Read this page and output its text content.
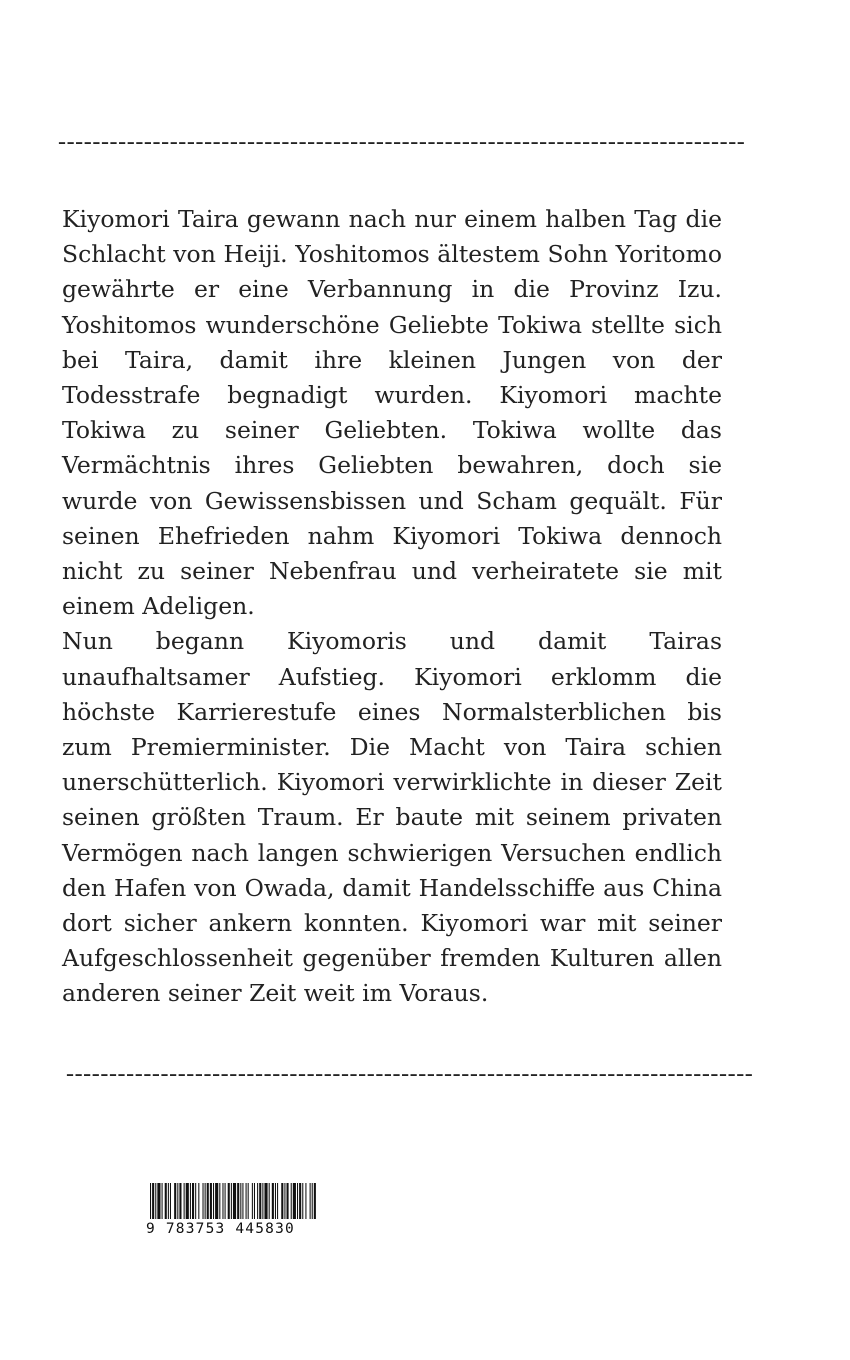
--------------------------------------------------------------------------------

Kiyomori Taira gewann nach nur einem halben Tag die Schlacht von Heiji. Yoshitomos ältestem Sohn Yoritomo gewährte er eine Verbannung in die Provinz Izu. Yoshitomos wunderschöne Geliebte Tokiwa stellte sich bei Taira, damit ihre kleinen Jungen von der Todesstrafe begnadigt wurden. Kiyomori machte Tokiwa zu seiner Geliebten. Tokiwa wollte das Vermächtnis ihres Geliebten bewahren, doch sie wurde von Gewissensbissen und Scham gequält. Für seinen Ehefrieden nahm Kiyomori Tokiwa dennoch nicht zu seiner Nebenfrau und verheiratete sie mit einem Adeligen.

Nun begann Kiyomoris und damit Tairas unaufhaltsamer Aufstieg. Kiyomori erklomm die höchste Karrierestufe eines Normalsterblichen bis zum Premierminister. Die Macht von Taira schien unerschütterlich. Kiyomori verwirklichte in dieser Zeit seinen größten Traum. Er baute mit seinem privaten Vermögen nach langen schwierigen Versuchen endlich den Hafen von Owada, damit Handelsschiffe aus China dort sicher ankern konnten. Kiyomori war mit seiner Aufgeschlossenheit gegenüber fremden Kulturen allen anderen seiner Zeit weit im Voraus.

--------------------------------------------------------------------------------
9 783753 445830
